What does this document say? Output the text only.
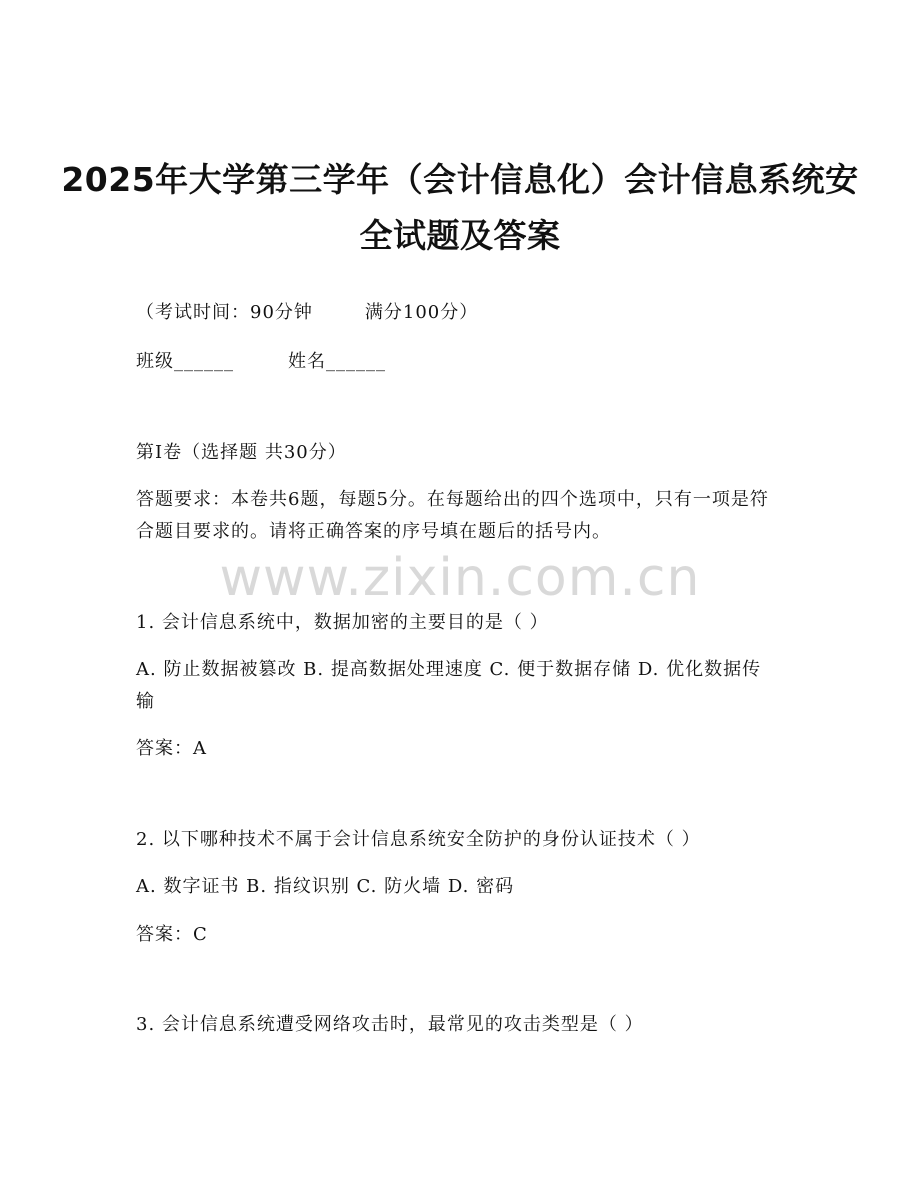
2025年大学第三学年（会计信息化）会计信息系统安全试题及答案
（考试时间：90分钟	满分100分）
班级______	姓名______
第I卷（选择题 共30分）
答题要求：本卷共6题，每题5分。在每题给出的四个选项中，只有一项是符合题目要求的。请将正确答案的序号填在题后的括号内。
www.zixin.com.cn
1. 会计信息系统中，数据加密的主要目的是（ ）
A. 防止数据被篡改 B. 提高数据处理速度 C. 便于数据存储 D. 优化数据传输
答案：A
2. 以下哪种技术不属于会计信息系统安全防护的身份认证技术（ ）
A. 数字证书 B. 指纹识别 C. 防火墙 D. 密码
答案：C
3. 会计信息系统遭受网络攻击时，最常见的攻击类型是（ ）
